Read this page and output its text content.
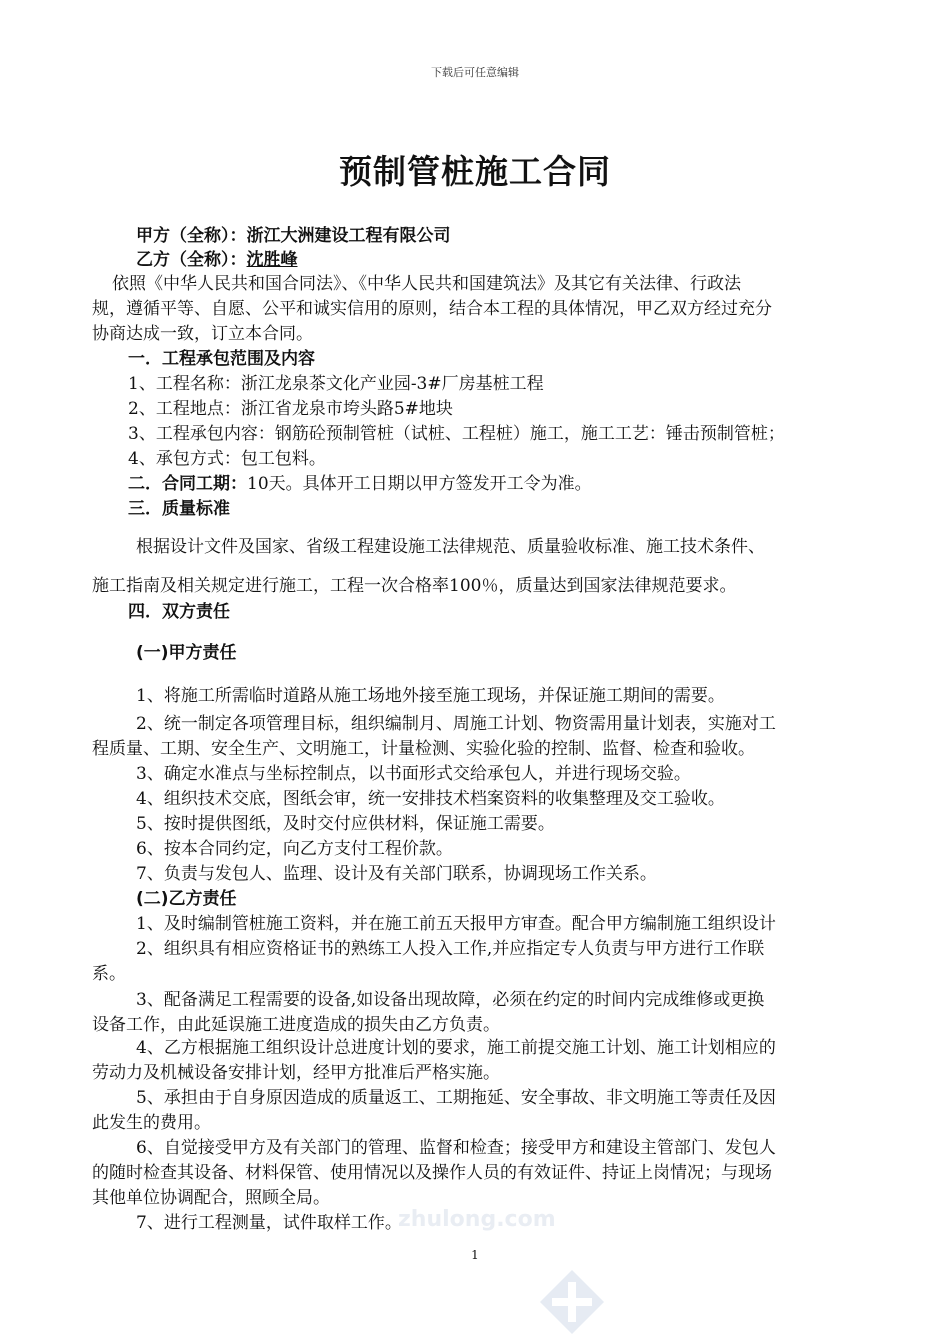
下载后可任意编辑
预制管桩施工合同
甲方（全称）：浙江大洲建设工程有限公司
乙方（全称）：沈胜峰
依照《中华人民共和国合同法》、《中华人民共和国建筑法》及其它有关法律、行政法
规，遵循平等、自愿、公平和诚实信用的原则，结合本工程的具体情况，甲乙双方经过充分
协商达成一致，订立本合同。
一．工程承包范围及内容
1、工程名称：浙江龙泉茶文化产业园-3#厂房基桩工程
2、工程地点：浙江省龙泉市垮头路5#地块
3、工程承包内容：钢筋砼预制管桩（试桩、工程桩）施工，施工工艺：锤击预制管桩；
4、承包方式：包工包料。
二．合同工期：10天。具体开工日期以甲方签发开工令为准。
三．质量标准
根据设计文件及国家、省级工程建设施工法律规范、质量验收标准、施工技术条件、
施工指南及相关规定进行施工，工程一次合格率100％，质量达到国家法律规范要求。
四．双方责任
(一)甲方责任
1、将施工所需临时道路从施工场地外接至施工现场，并保证施工期间的需要。
2、统一制定各项管理目标，组织编制月、周施工计划、物资需用量计划表，实施对工
程质量、工期、安全生产、文明施工，计量检测、实验化验的控制、监督、检查和验收。
3、确定水准点与坐标控制点，以书面形式交给承包人，并进行现场交验。
4、组织技术交底，图纸会审，统一安排技术档案资料的收集整理及交工验收。
5、按时提供图纸，及时交付应供材料，保证施工需要。
6、按本合同约定，向乙方支付工程价款。
7、负责与发包人、监理、设计及有关部门联系，协调现场工作关系。
(二)乙方责任
1、及时编制管桩施工资料，并在施工前五天报甲方审查。配合甲方编制施工组织设计
2、组织具有相应资格证书的熟练工人投入工作,并应指定专人负责与甲方进行工作联
系。
3、配备满足工程需要的设备,如设备出现故障，必须在约定的时间内完成维修或更换
设备工作，由此延误施工进度造成的损失由乙方负责。
4、乙方根据施工组织设计总进度计划的要求，施工前提交施工计划、施工计划相应的
劳动力及机械设备安排计划，经甲方批准后严格实施。
5、承担由于自身原因造成的质量返工、工期拖延、安全事故、非文明施工等责任及因
此发生的费用。
6、自觉接受甲方及有关部门的管理、监督和检查；接受甲方和建设主管部门、发包人
的随时检查其设备、材料保管、使用情况以及操作人员的有效证件、持证上岗情况；与现场
其他单位协调配合，照顾全局。
7、进行工程测量，试件取样工作。
zhulong.com
1
